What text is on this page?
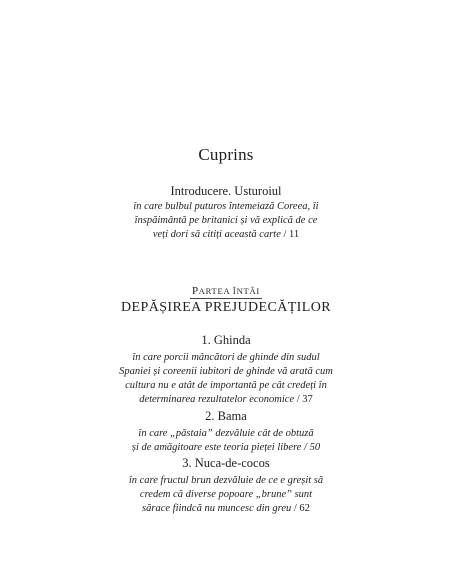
Cuprins
Introducere. Usturoiul
în care bulbul puturos întemeiază Coreea, îi
înspăimântă pe britanici și vă explică de ce
veți dori să citiți această carte / 11
PARTEA ÎNTÂI
DEPĂȘIREA PREJUDECĂȚILOR
1. Ghinda
în care porcii mâncători de ghinde din sudul
Spaniei și coreenii iubitori de ghinde vă arată cum
cultura nu e atât de importantă pe cât credeți în
determinarea rezultatelor economice / 37
2. Bama
în care „păstaia” dezvăluie cât de obtuză
și de amăgitoare este teoria pieței libere / 50
3. Nuca-de-cocos
în care fructul brun dezvăluie de ce e greșit să
credem că diverse popoare „brune” sunt
sărace fiindcă nu muncesc din greu / 62
